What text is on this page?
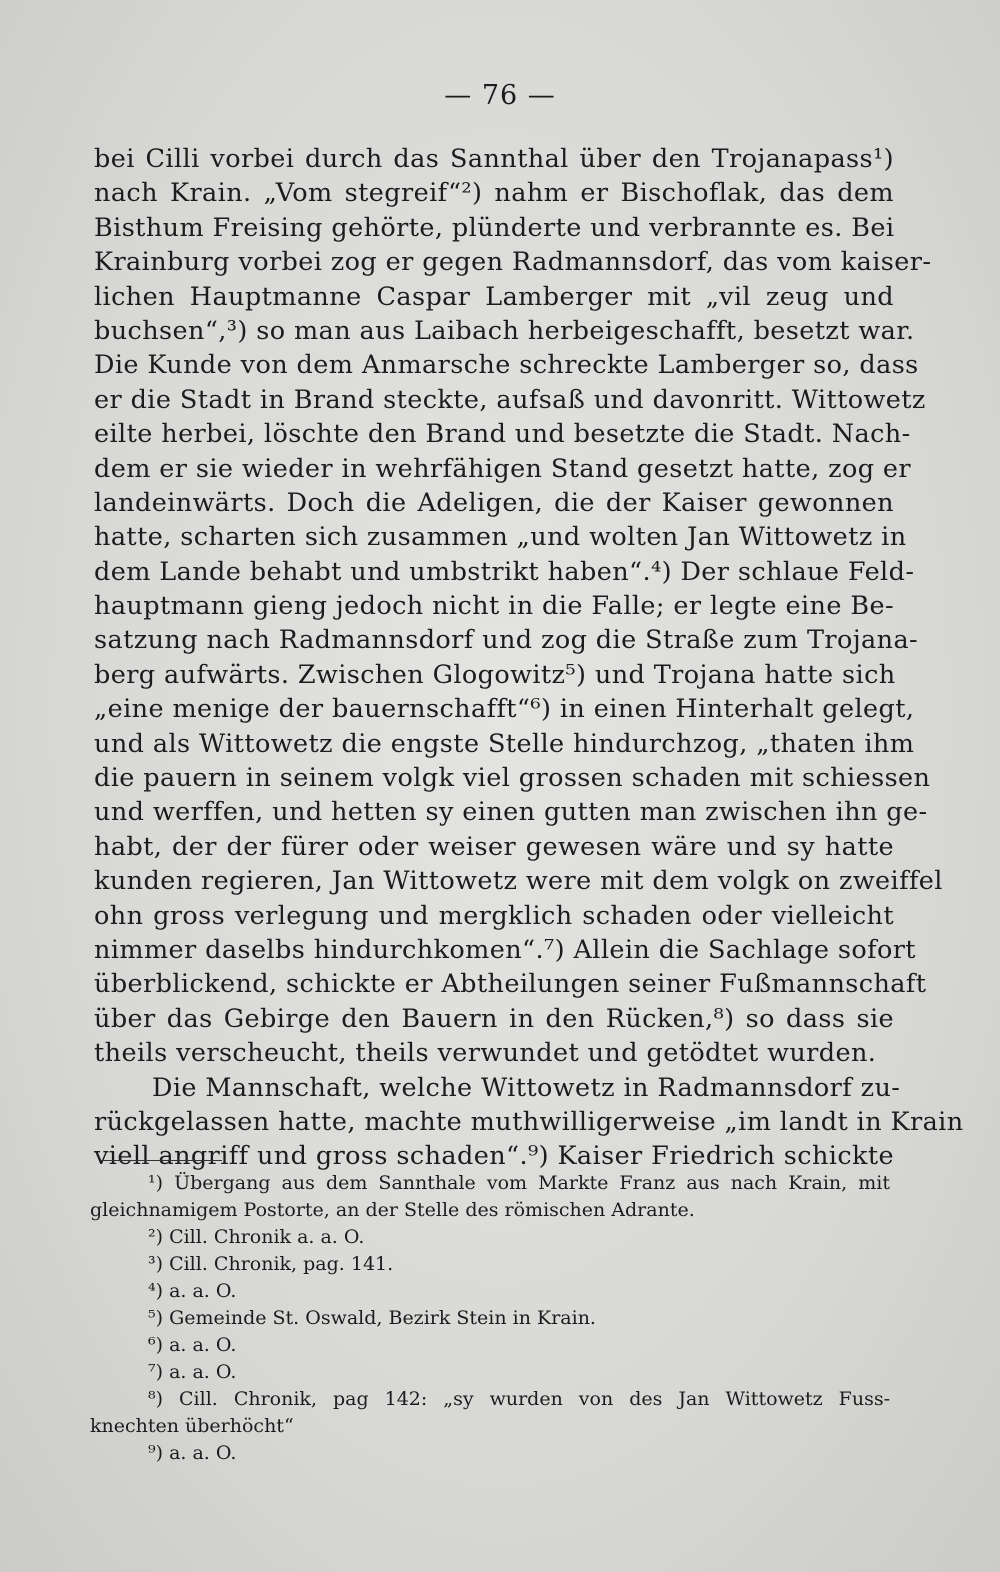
— 76 —
bei Cilli vorbei durch das Sannthal über den Trojanapass¹)
nach Krain. „Vom stegreif“²) nahm er Bischoflak, das dem
Bisthum Freising gehörte, plünderte und verbrannte es. Bei
Krainburg vorbei zog er gegen Radmannsdorf, das vom kaiser-
lichen Hauptmanne Caspar Lamberger mit „vil zeug und
buchsen“,³) so man aus Laibach herbeigeschafft, besetzt war.
Die Kunde von dem Anmarsche schreckte Lamberger so, dass
er die Stadt in Brand steckte, aufsaß und davonritt. Wittowetz
eilte herbei, löschte den Brand und besetzte die Stadt. Nach-
dem er sie wieder in wehrfähigen Stand gesetzt hatte, zog er
landeinwärts. Doch die Adeligen, die der Kaiser gewonnen
hatte, scharten sich zusammen „und wolten Jan Wittowetz in
dem Lande behabt und umbstrikt haben“.⁴) Der schlaue Feld-
hauptmann gieng jedoch nicht in die Falle; er legte eine Be-
satzung nach Radmannsdorf und zog die Straße zum Trojana-
berg aufwärts. Zwischen Glogowitz⁵) und Trojana hatte sich
„eine menige der bauernschafft“⁶) in einen Hinterhalt gelegt,
und als Wittowetz die engste Stelle hindurchzog, „thaten ihm
die pauern in seinem volgk viel grossen schaden mit schiessen
und werffen, und hetten sy einen gutten man zwischen ihn ge-
habt, der der fürer oder weiser gewesen wäre und sy hatte
kunden regieren, Jan Wittowetz were mit dem volgk on zweiffel
ohn gross verlegung und mergklich schaden oder vielleicht
nimmer daselbs hindurchkomen“.⁷) Allein die Sachlage sofort
überblickend, schickte er Abtheilungen seiner Fußmannschaft
über das Gebirge den Bauern in den Rücken,⁸) so dass sie
theils verscheucht, theils verwundet und getödtet wurden.
Die Mannschaft, welche Wittowetz in Radmannsdorf zu-
rückgelassen hatte, machte muthwilligerweise „im landt in Krain
viell angriff und gross schaden“.⁹) Kaiser Friedrich schickte
¹) Übergang aus dem Sannthale vom Markte Franz aus nach Krain, mit
gleichnamigem Postorte, an der Stelle des römischen Adrante.
²) Cill. Chronik a. a. O.
³) Cill. Chronik, pag. 141.
⁴) a. a. O.
⁵) Gemeinde St. Oswald, Bezirk Stein in Krain.
⁶) a. a. O.
⁷) a. a. O.
⁸) Cill. Chronik, pag 142: „sy wurden von des Jan Wittowetz Fuss-
knechten überhöcht“
⁹) a. a. O.
